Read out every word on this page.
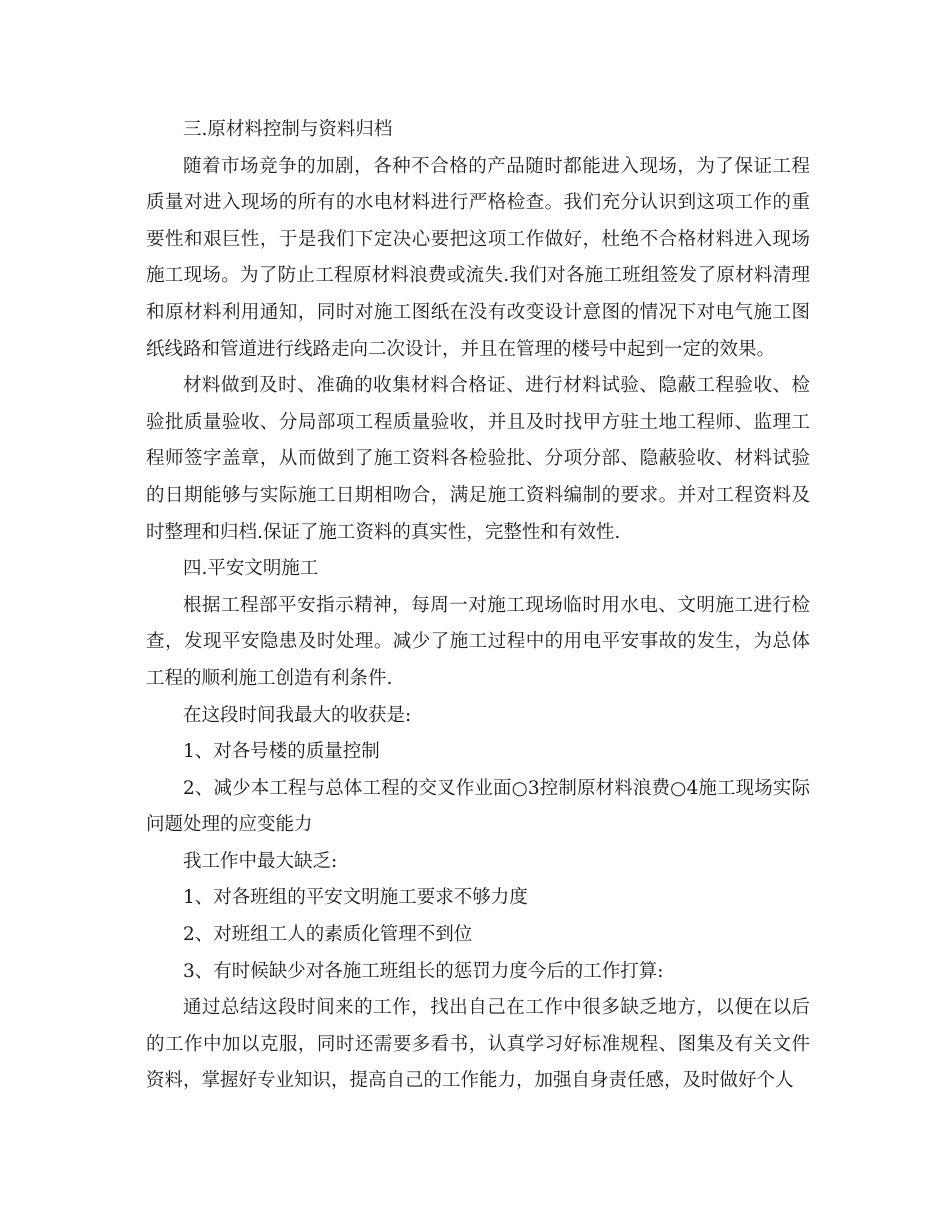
三.原材料控制与资料归档

随着市场竞争的加剧，各种不合格的产品随时都能进入现场，为了保证工程质量对进入现场的所有的水电材料进行严格检查。我们充分认识到这项工作的重要性和艰巨性，于是我们下定决心要把这项工作做好，杜绝不合格材料进入现场施工现场。为了防止工程原材料浪费或流失.我们对各施工班组签发了原材料清理和原材料利用通知，同时对施工图纸在没有改变设计意图的情况下对电气施工图纸线路和管道进行线路走向二次设计，并且在管理的楼号中起到一定的效果。

材料做到及时、准确的收集材料合格证、进行材料试验、隐蔽工程验收、检验批质量验收、分局部项工程质量验收，并且及时找甲方驻土地工程师、监理工程师签字盖章，从而做到了施工资料各检验批、分项分部、隐蔽验收、材料试验的日期能够与实际施工日期相吻合，满足施工资料编制的要求。并对工程资料及时整理和归档.保证了施工资料的真实性，完整性和有效性.

四.平安文明施工

根据工程部平安指示精神，每周一对施工现场临时用水电、文明施工进行检查，发现平安隐患及时处理。减少了施工过程中的用电平安事故的发生，为总体工程的顺利施工创造有利条件.

在这段时间我最大的收获是:

1、对各号楼的质量控制

2、减少本工程与总体工程的交叉作业面○3控制原材料浪费○4施工现场实际问题处理的应变能力

我工作中最大缺乏:

1、对各班组的平安文明施工要求不够力度

2、对班组工人的素质化管理不到位

3、有时候缺少对各施工班组长的惩罚力度今后的工作打算:

通过总结这段时间来的工作，找出自己在工作中很多缺乏地方，以便在以后的工作中加以克服，同时还需要多看书，认真学习好标准规程、图集及有关文件资料，掌握好专业知识，提高自己的工作能力，加强自身责任感，及时做好个人
